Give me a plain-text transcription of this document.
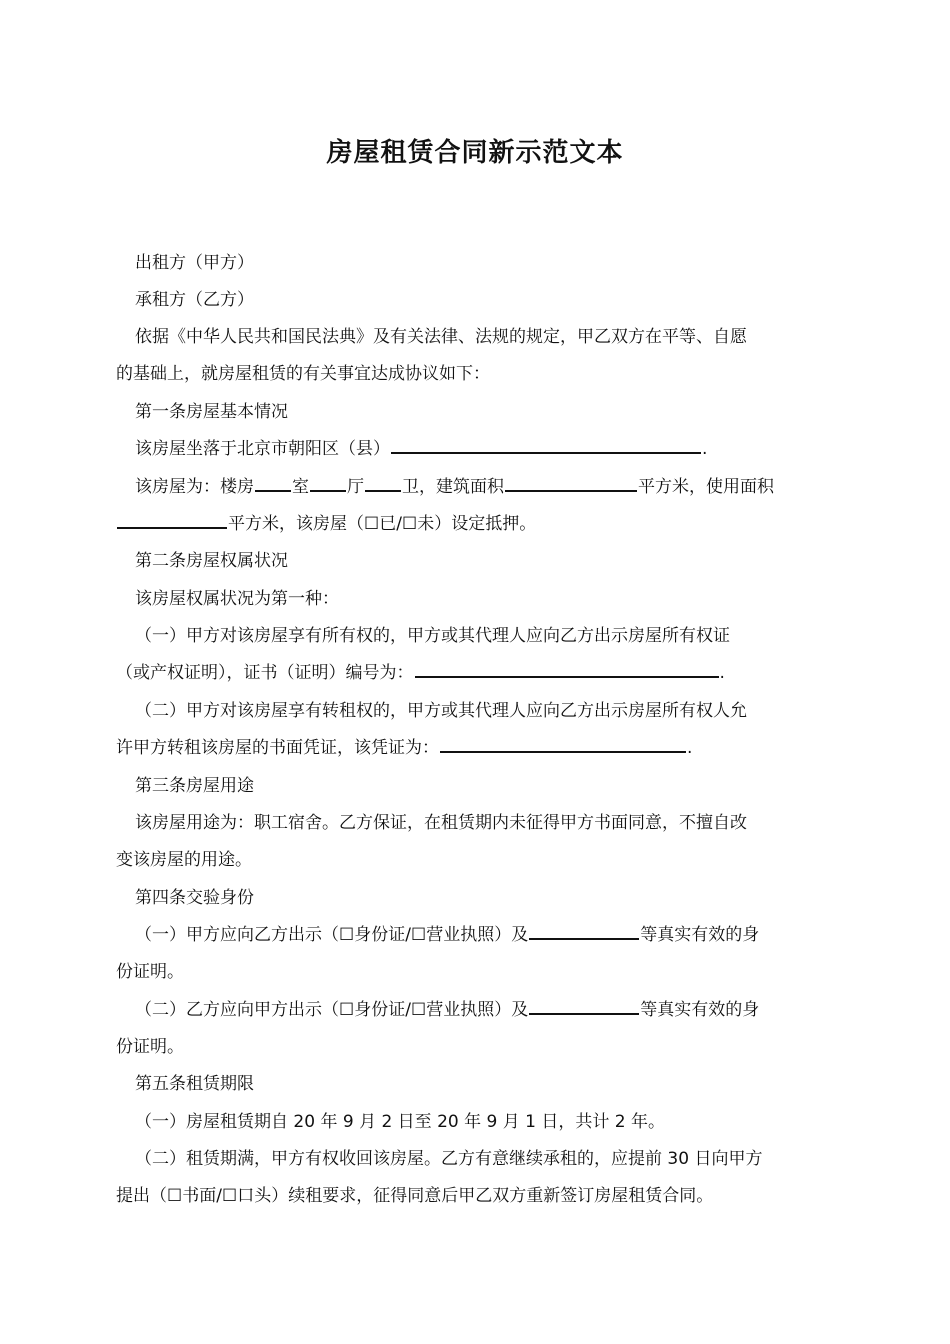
房屋租赁合同新示范文本
出租方（甲方）
承租方（乙方）
依据《中华人民共和国民法典》及有关法律、法规的规定，甲乙双方在平等、自愿
的基础上，就房屋租赁的有关事宜达成协议如下：
第一条房屋基本情况
该房屋坐落于北京市朝阳区（县）	.
该房屋为：楼房 室 厅 卫，建筑面积	平方米，使用面积
平方米，该房屋（☐已/☐未）设定抵押。
第二条房屋权属状况
该房屋权属状况为第一种：
（一）甲方对该房屋享有所有权的，甲方或其代理人应向乙方出示房屋所有权证
（或产权证明），证书（证明）编号为：	.
（二）甲方对该房屋享有转租权的，甲方或其代理人应向乙方出示房屋所有权人允
许甲方转租该房屋的书面凭证，该凭证为：	.
第三条房屋用途
该房屋用途为：职工宿舍。乙方保证，在租赁期内未征得甲方书面同意，不擅自改
变该房屋的用途。
第四条交验身份
（一）甲方应向乙方出示（☐身份证/☐营业执照）及	等真实有效的身
份证明。
（二）乙方应向甲方出示（☐身份证/☐营业执照）及	等真实有效的身
份证明。
第五条租赁期限
（一）房屋租赁期自 20 年 9 月 2 日至 20 年 9 月 1 日，共计 2 年。
（二）租赁期满，甲方有权收回该房屋。乙方有意继续承租的，应提前 30 日向甲方
提出（☐书面/☐口头）续租要求，征得同意后甲乙双方重新签订房屋租赁合同。
